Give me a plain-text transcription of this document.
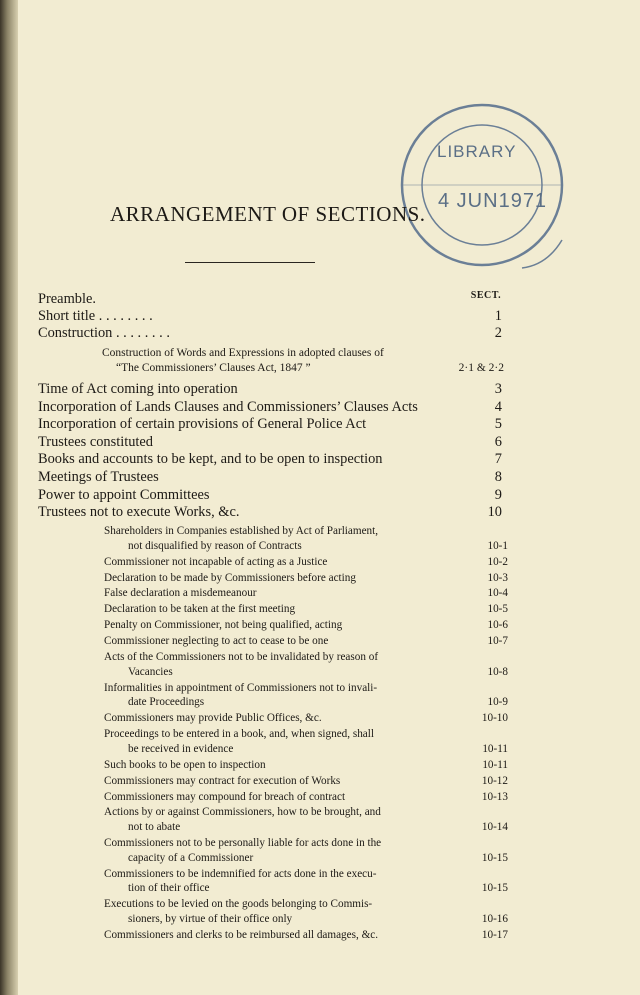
LIBRARY
4 JUN1971
ARRANGEMENT OF SECTIONS.
SECT.
Preamble.
Short title . . . . . . . .	1
Construction . . . . . . . .	2
Construction of Words and Expressions in adopted clauses of
“The Commissioners’ Clauses Act, 1847 ”	2·1 & 2·2
Time of Act coming into operation	3
Incorporation of Lands Clauses and Commissioners’ Clauses Acts	4
Incorporation of certain provisions of General Police Act	5
Trustees constituted	6
Books and accounts to be kept, and to be open to inspection	7
Meetings of Trustees	8
Power to appoint Committees	9
Trustees not to execute Works, &c.	10
Shareholders in Companies established by Act of Parliament,
not disqualified by reason of Contracts	10-1
Commissioner not incapable of acting as a Justice	10-2
Declaration to be made by Commissioners before acting	10-3
False declaration a misdemeanour	10-4
Declaration to be taken at the first meeting	10-5
Penalty on Commissioner, not being qualified, acting	10-6
Commissioner neglecting to act to cease to be one	10-7
Acts of the Commissioners not to be invalidated by reason of
Vacancies	10-8
Informalities in appointment of Commissioners not to invali-
date Proceedings	10-9
Commissioners may provide Public Offices, &c.	10-10
Proceedings to be entered in a book, and, when signed, shall
be received in evidence	10-11
Such books to be open to inspection	10-11
Commissioners may contract for execution of Works	10-12
Commissioners may compound for breach of contract	10-13
Actions by or against Commissioners, how to be brought, and
not to abate	10-14
Commissioners not to be personally liable for acts done in the
capacity of a Commissioner	10-15
Commissioners to be indemnified for acts done in the execu-
tion of their office	10-15
Executions to be levied on the goods belonging to Commis-
sioners, by virtue of their office only	10-16
Commissioners and clerks to be reimbursed all damages, &c.	10-17
